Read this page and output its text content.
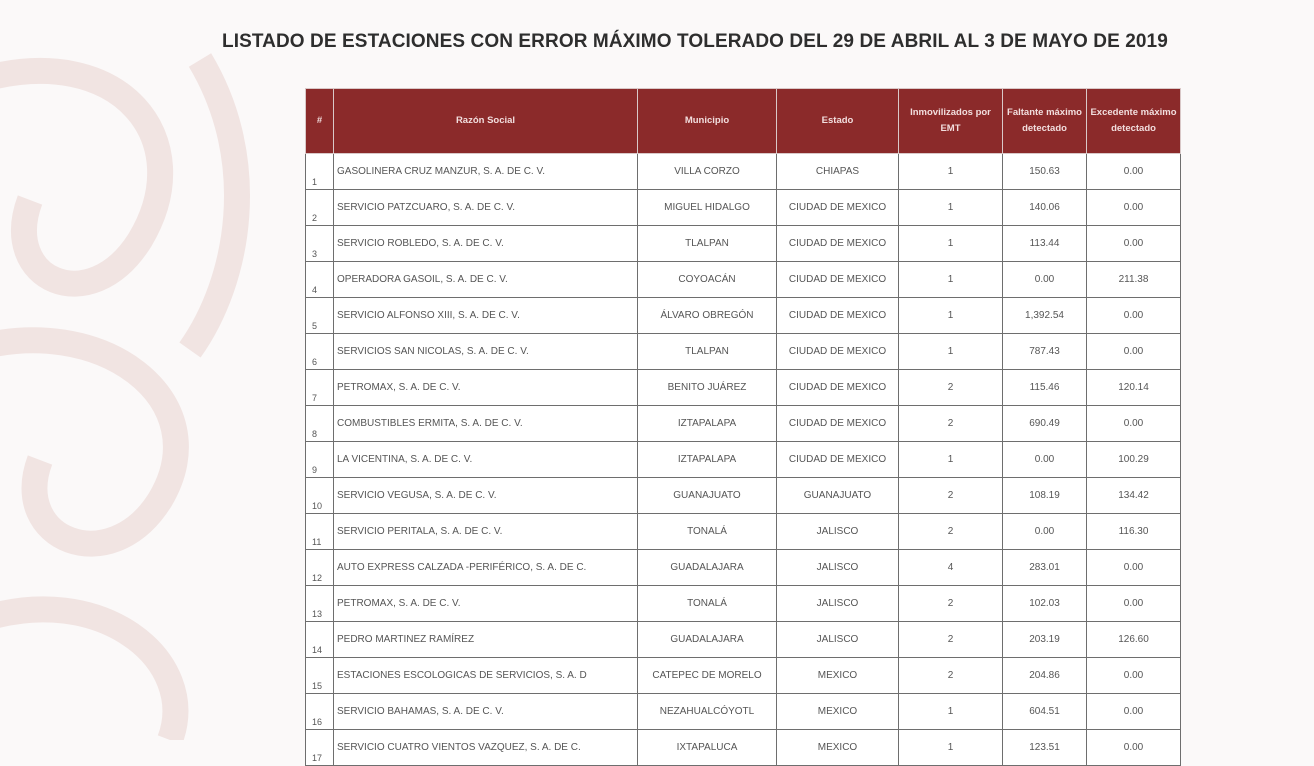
LISTADO DE ESTACIONES CON ERROR MÁXIMO TOLERADO DEL 29 DE ABRIL AL 3 DE MAYO DE 2019
#	Razón Social	Municipio	Estado	Inmovilizados por EMT	Faltante máximo detectado	Excedente máximo detectado
1	GASOLINERA CRUZ MANZUR, S. A. DE C. V.	VILLA CORZO	CHIAPAS	1	150.63	0.00
2	SERVICIO PATZCUARO, S. A. DE C. V.	MIGUEL HIDALGO	CIUDAD DE MEXICO	1	140.06	0.00
3	SERVICIO ROBLEDO, S. A. DE C. V.	TLALPAN	CIUDAD DE MEXICO	1	113.44	0.00
4	OPERADORA GASOIL, S. A. DE C. V.	COYOACÁN	CIUDAD DE MEXICO	1	0.00	211.38
5	SERVICIO ALFONSO XIII, S. A. DE C. V.	ÁLVARO OBREGÓN	CIUDAD DE MEXICO	1	1,392.54	0.00
6	SERVICIOS SAN NICOLAS, S. A. DE C. V.	TLALPAN	CIUDAD DE MEXICO	1	787.43	0.00
7	PETROMAX, S. A. DE C. V.	BENITO JUÁREZ	CIUDAD DE MEXICO	2	115.46	120.14
8	COMBUSTIBLES ERMITA, S. A. DE C. V.	IZTAPALAPA	CIUDAD DE MEXICO	2	690.49	0.00
9	LA VICENTINA, S. A. DE C. V.	IZTAPALAPA	CIUDAD DE MEXICO	1	0.00	100.29
10	SERVICIO VEGUSA, S. A. DE C. V.	GUANAJUATO	GUANAJUATO	2	108.19	134.42
11	SERVICIO PERITALA, S. A. DE C. V.	TONALÁ	JALISCO	2	0.00	116.30
12	AUTO EXPRESS CALZADA -PERIFÉRICO, S. A. DE C.	GUADALAJARA	JALISCO	4	283.01	0.00
13	PETROMAX, S. A. DE C. V.	TONALÁ	JALISCO	2	102.03	0.00
14	PEDRO MARTINEZ RAMÍREZ	GUADALAJARA	JALISCO	2	203.19	126.60
15	ESTACIONES ESCOLOGICAS DE SERVICIOS, S. A. D	CATEPEC DE MORELO	MEXICO	2	204.86	0.00
16	SERVICIO BAHAMAS, S. A. DE C. V.	NEZAHUALCÓYOTL	MEXICO	1	604.51	0.00
17	SERVICIO CUATRO VIENTOS VAZQUEZ, S. A. DE C.	IXTAPALUCA	MEXICO	1	123.51	0.00
